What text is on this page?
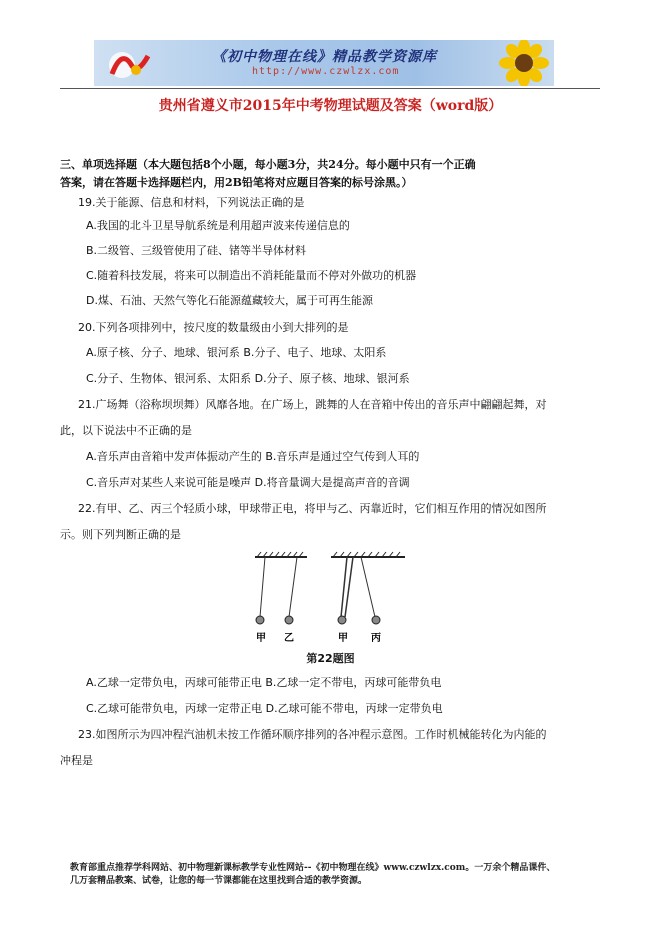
《初中物理在线》精品教学资源库
http://www.czwlzx.com
贵州省遵义市2015年中考物理试题及答案（word版）
三、单项选择题（本大题包括8个小题，每小题3分，共24分。每小题中只有一个正确
答案，请在答题卡选择题栏内，用2B铅笔将对应题目答案的标号涂黑。）
19.关于能源、信息和材料，下列说法正确的是
A.我国的北斗卫星导航系统是利用超声波来传递信息的
B.二级管、三级管使用了硅、锗等半导体材料
C.随着科技发展，将来可以制造出不消耗能量而不停对外做功的机器
D.煤、石油、天然气等化石能源蕴藏较大，属于可再生能源
20.下列各项排列中，按尺度的数量级由小到大排列的是
A.原子核、分子、地球、银河系 B.分子、电子、地球、太阳系
C.分子、生物体、银河系、太阳系 D.分子、原子核、地球、银河系
21.广场舞（浴称坝坝舞）风靡各地。在广场上，跳舞的人在音箱中传出的音乐声中翩翩起舞，对
此，以下说法中不正确的是
A.音乐声由音箱中发声体振动产生的 B.音乐声是通过空气传到人耳的
C.音乐声对某些人来说可能是噪声 D.将音量调大是提高声音的音调
22.有甲、乙、丙三个轻质小球，甲球带正电，将甲与乙、丙靠近时，它们相互作用的情况如图所
示。则下列判断正确的是
甲 乙	甲 丙
第22题图
A.乙球一定带负电，丙球可能带正电 B.乙球一定不带电，丙球可能带负电
C.乙球可能带负电，丙球一定带正电 D.乙球可能不带电，丙球一定带负电
23.如图所示为四冲程汽油机未按工作循环顺序排列的各冲程示意图。工作时机械能转化为内能的
冲程是
教育部重点推荐学科网站、初中物理新课标教学专业性网站--《初中物理在线》www.czwlzx.com。一万余个精品课件、
几万套精品教案、试卷，让您的每一节课都能在这里找到合适的教学资源。
